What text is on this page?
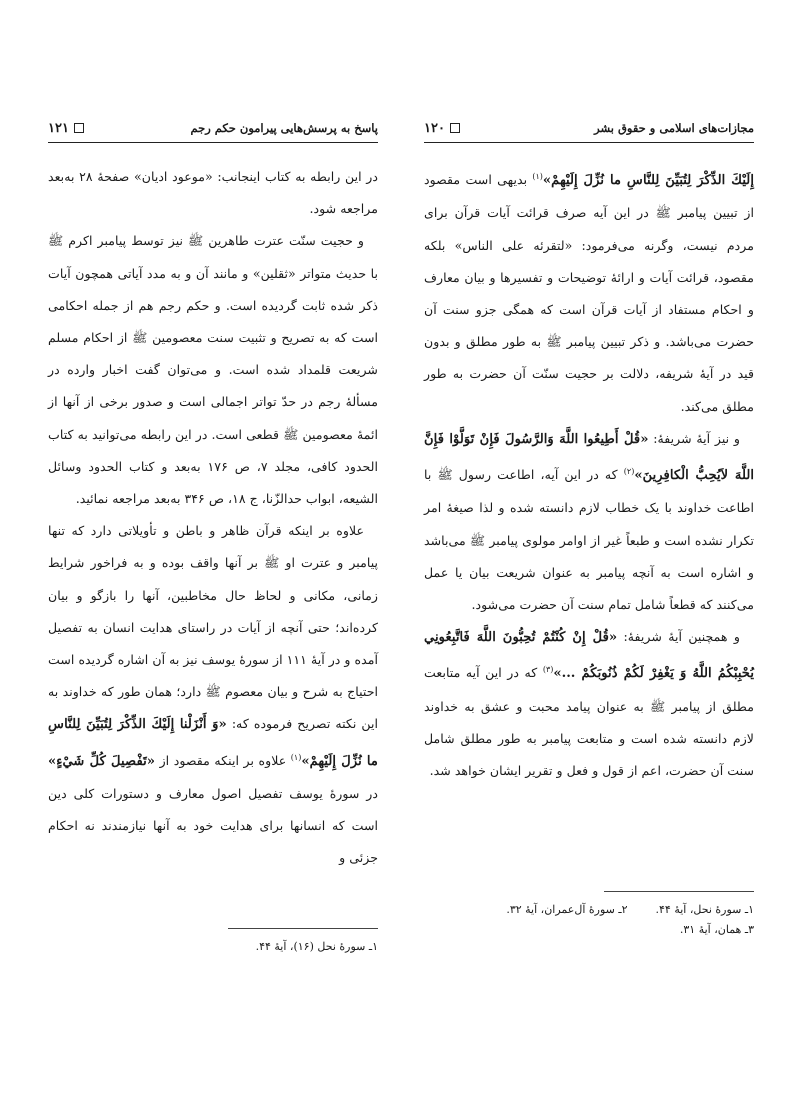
پاسخ به پرسش‌هایی پیرامون حکم رجم
۱۲۱

در این رابطه به کتاب اینجانب: «موعود ادیان» صفحهٔ ۲۸ به‌بعد مراجعه شود.

و حجیت سنّت عترت طاهرین ﷺ نیز توسط پیامبر اکرم ﷺ با حدیث متواتر «ثقلین» و مانند آن و به مدد آیاتی همچون آیات ذکر شده ثابت گردیده است. و حکم رجم هم از جمله احکامی است که به تصریح و تثبیت سنت معصومین ﷺ از احکام مسلم شریعت قلمداد شده است. و می‌توان گفت اخبار وارده در مسألهٔ رجم در حدّ تواتر اجمالی است و صدور برخی از آنها از ائمهٔ معصومین ﷺ قطعی است. در این رابطه می‌توانید به کتاب الحدود کافی، مجلد ۷، ص ۱۷۶ به‌بعد و کتاب الحدود وسائل الشیعه، ابواب حدالزّنا، ج ۱۸، ص ۳۴۶ به‌بعد مراجعه نمائید.

علاوه بر اینکه قرآن ظاهر و باطن و تأویلاتی دارد که تنها پیامبر و عترت او ﷺ بر آنها واقف بوده و به فراخور شرایط زمانی، مکانی و لحاظ حال مخاطبین، آنها را بازگو و بیان کرده‌اند؛ حتی آنچه از آیات در راستای هدایت انسان به تفصیل آمده و در آیهٔ ۱۱۱ از سورهٔ یوسف نیز به آن اشاره گردیده است احتیاج به شرح و بیان معصوم ﷺ دارد؛ همان طور که خداوند به این نکته تصریح فرموده که: «وَ أَنْزَلْنا إِلَيْكَ الذِّكْرَ لِتُبَيِّنَ لِلنَّاسِ ما نُزِّلَ إِلَيْهِمْ»$^{(۱)}$ علاوه بر اینکه مقصود از «تَفْصِيلَ كُلِّ شَيْءٍ» در سورهٔ یوسف تفصیل اصول معارف و دستورات کلی دین است که انسانها برای هدایت خود به آنها نیازمندند نه احکام جزئی و

۱ـ سورهٔ نحل (۱۶)، آیهٔ ۴۴.
مجازات‌های اسلامی و حقوق بشر
۱۲۰

إِلَيْكَ الذِّكْرَ لِتُبَيِّنَ لِلنَّاسِ ما نُزِّلَ إِلَيْهِمْ»$^{(۱)}$ بدیهی است مقصود از تبیین پیامبر ﷺ در این آیه صرف قرائت آیات قرآن برای مردم نیست، وگرنه می‌فرمود: «لتقرئه علی الناس» بلکه مقصود، قرائت آیات و ارائهٔ توضیحات و تفسیرها و بیان معارف و احکام مستفاد از آیات قرآن است که همگی جزو سنت آن حضرت می‌باشد. و ذکر تبیین پیامبر ﷺ به طور مطلق و بدون قید در آیهٔ شریفه، دلالت بر حجیت سنّت آن حضرت به طور مطلق می‌کند.

و نیز آیهٔ شریفهٔ: «قُلْ أَطِيعُوا اللَّهَ وَالرَّسُولَ فَإِنْ تَوَلَّوْا فَإِنَّ اللَّهَ لاَيُحِبُّ الْكافِرِينَ»$^{(۲)}$ که در این آیه، اطاعت رسول ﷺ با اطاعت خداوند با یک خطاب لازم دانسته شده و لذا صیغهٔ امر تکرار نشده است و طبعاً غیر از اوامر مولوی پیامبر ﷺ می‌باشد و اشاره است به آنچه پیامبر به عنوان شریعت بیان یا عمل می‌کنند که قطعاً شامل تمام سنت آن حضرت می‌شود.

و همچنین آیهٔ شریفهٔ: «قُلْ إِنْ كُنْتُمْ تُحِبُّونَ اللَّهَ فَاتَّبِعُونِي يُحْبِبْكُمُ اللَّهُ وَ يَغْفِرْ لَكُمْ ذُنُوبَكُمْ ...»$^{(۳)}$ که در این آیه متابعت مطلق از پیامبر ﷺ به عنوان پیامد محبت و عشق به خداوند لازم دانسته شده است و متابعت پیامبر به طور مطلق شامل سنت آن حضرت، اعم از قول و فعل و تقریر ایشان خواهد شد.

۱ـ سورهٔ نحل، آیهٔ ۴۴.
۲ـ سورهٔ آل‌عمران، آیهٔ ۳۲.
۳ـ همان، آیهٔ ۳۱.
